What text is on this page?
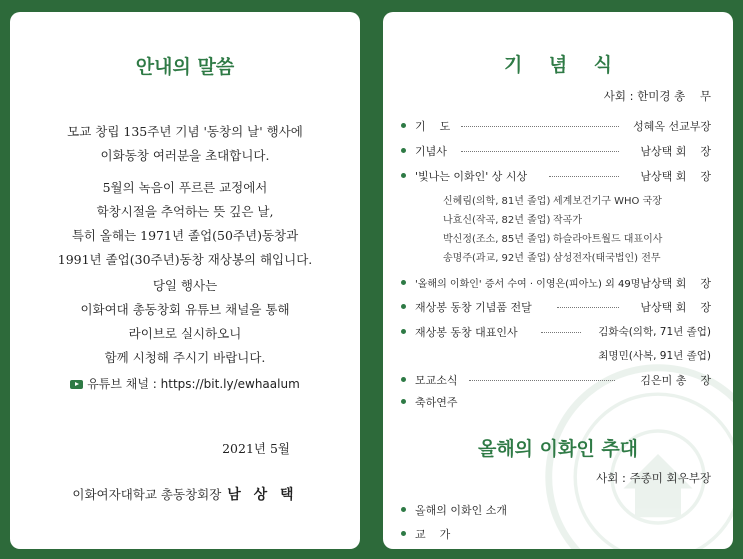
안내의 말씀
모교 창립 135주년 기념 '동창의 날' 행사에
이화동창 여러분을 초대합니다.
5월의 녹음이 푸르른 교정에서
학창시절을 추억하는 뜻 깊은 날,
특히 올해는 1971년 졸업(50주년)동창과
1991년 졸업(30주년)동창 재상봉의 해입니다.
당일 행사는
이화여대 총동창회 유튜브 채널을 통해
라이브로 실시하오니
함께 시청해 주시기 바랍니다.
유튜브 채널 : https://bit.ly/ewhaalum
2021년 5월
이화여자대학교 총동창회장 남 상 택
기    념    식
사회 : 한미경 총    무
기    도	성혜옥 선교부장
기념사	남상택 회    장
'빛나는 이화인' 상 시상	남상택 회    장
신혜림(의학, 81년 졸업) 세계보건기구 WHO 국장
나효신(작곡, 82년 졸업) 작곡가
박신정(조소, 85년 졸업) 하슬라아트월드 대표이사
송명주(과교, 92년 졸업) 삼성전자(태국법인) 전무
'올해의 이화인' 증서 수여 · 이영은(피아노) 외 49명 남상택 회    장
재상봉 동창 기념품 전달	남상택 회    장
재상봉 동창 대표인사	김화숙(의학, 71년 졸업)
최명민(사복, 91년 졸업)
모교소식	김은미 총    장
축하연주
올해의 이화인 추대
사회 : 주종미 회우부장
올해의 이화인 소개
교    가
